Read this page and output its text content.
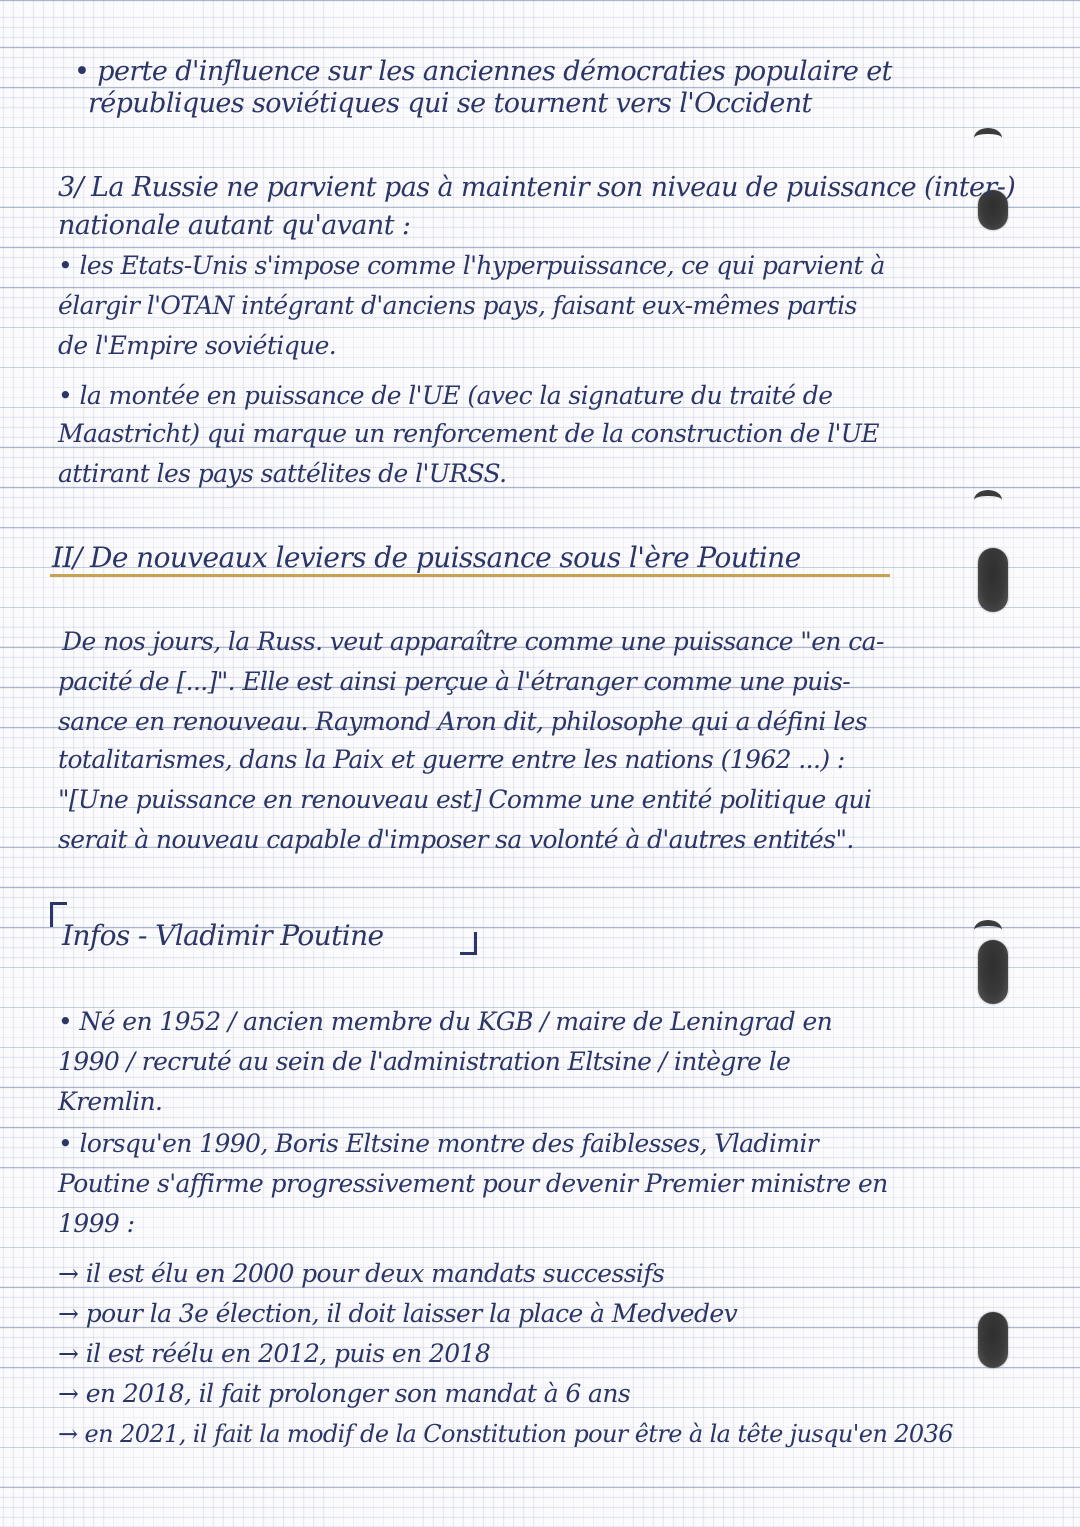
• perte d'influence sur les anciennes démocraties populaire et

républiques soviétiques qui se tournent vers l'Occident

3/ La Russie ne parvient pas à maintenir son niveau de puissance (inter-)

nationale autant qu'avant :

• les Etats-Unis s'impose comme l'hyperpuissance, ce qui parvient à

élargir l'OTAN intégrant d'anciens pays, faisant eux-mêmes partis

de l'Empire soviétique.

• la montée en puissance de l'UE (avec la signature du traité de

Maastricht) qui marque un renforcement de la construction de l'UE

attirant les pays sattélites de l'URSS.

II/ De nouveaux leviers de puissance sous l'ère Poutine

De nos jours, la Russ. veut apparaître comme une puissance "en ca-

pacité de [...]". Elle est ainsi perçue à l'étranger comme une puis-

sance en renouveau. Raymond Aron dit, philosophe qui a défini les

totalitarismes, dans la Paix et guerre entre les nations (1962 ...) :

"[Une puissance en renouveau est] Comme une entité politique qui

serait à nouveau capable d'imposer sa volonté à d'autres entités".

Infos - Vladimir Poutine

• Né en 1952 / ancien membre du KGB / maire de Leningrad en

1990 / recruté au sein de l'administration Eltsine / intègre le

Kremlin.

• lorsqu'en 1990, Boris Eltsine montre des faiblesses, Vladimir

Poutine s'affirme progressivement pour devenir Premier ministre en

1999 :

→ il est élu en 2000 pour deux mandats successifs

→ pour la 3e élection, il doit laisser la place à Medvedev

→ il est réélu en 2012, puis en 2018

→ en 2018, il fait prolonger son mandat à 6 ans

→ en 2021, il fait la modif de la Constitution pour être à la tête jusqu'en 2036
